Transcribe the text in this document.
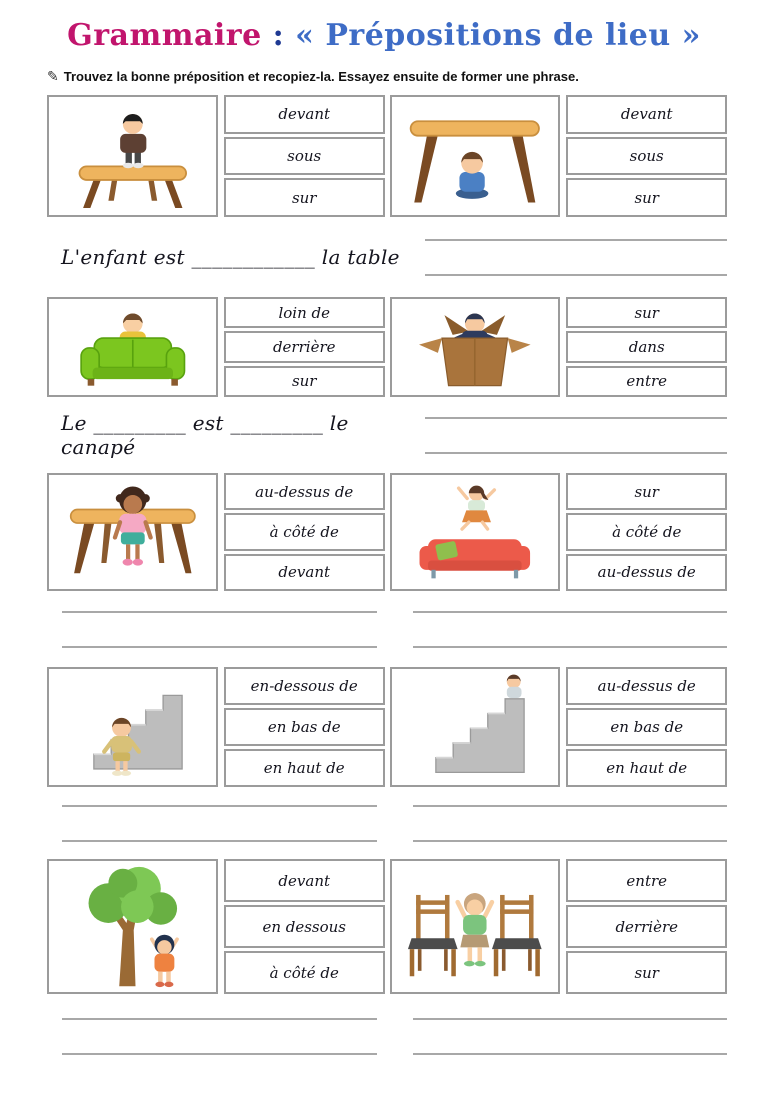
Grammaire : « Prépositions de lieu »
✎ Trouvez la bonne préposition et recopiez-la. Essayez ensuite de former une phrase.
devant
sous
sur
devant
sous
sur
L'enfant est ____________ la table
loin de
derrière
sur
sur
dans
entre
Le _________ est _________ le canapé
au-dessus de
à côté de
devant
sur
à côté de
au-dessus de
en-dessous de
en bas de
en haut de
au-dessus de
en bas de
en haut de
devant
en dessous
à côté de
entre
derrière
sur
